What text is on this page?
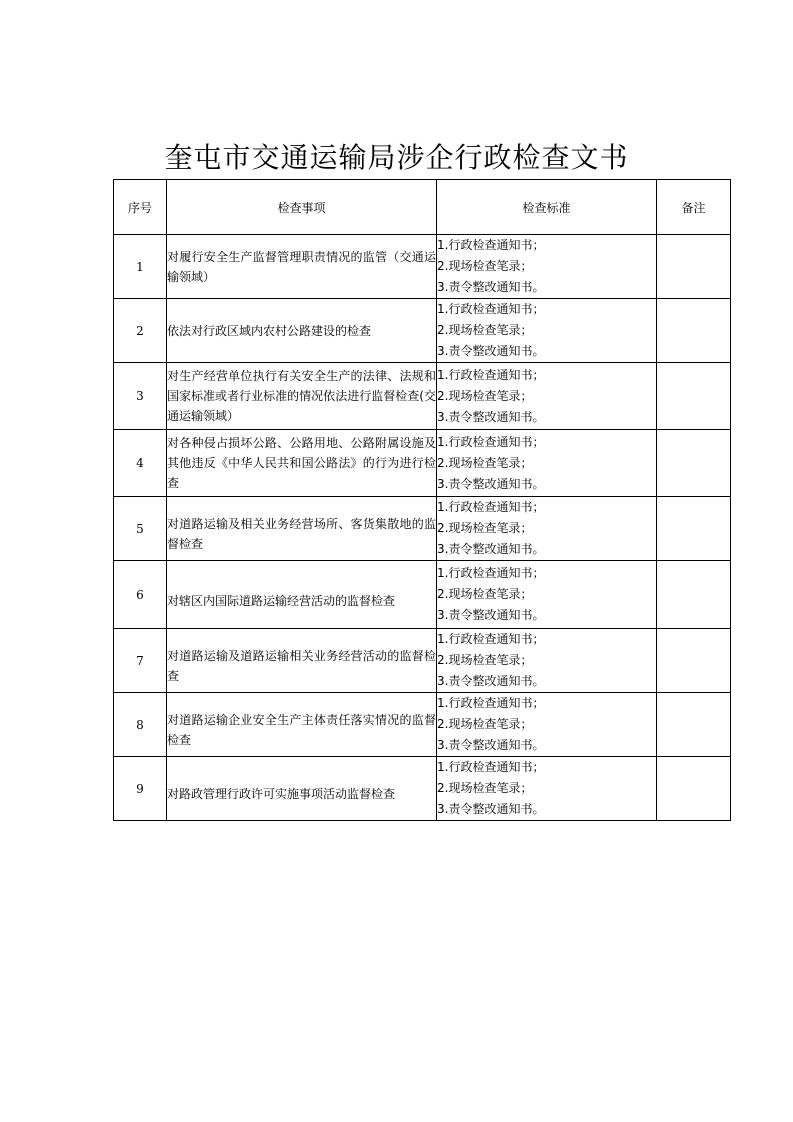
奎屯市交通运输局涉企行政检查文书
序号	检查事项	检查标准	备注
1	对履行安全生产监督管理职责情况的监管（交通运输领域）	1.行政检查通知书；
2.现场检查笔录；
3.责令整改通知书。	

2	依法对行政区域内农村公路建设的检查	1.行政检查通知书；
2.现场检查笔录；
3.责令整改通知书。	

3	对生产经营单位执行有关安全生产的法律、法规和国家标准或者行业标准的情况依法进行监督检查(交通运输领域）	1.行政检查通知书；
2.现场检查笔录；
3.责令整改通知书。	

4	对各种侵占损坏公路、公路用地、公路附属设施及其他违反《中华人民共和国公路法》的行为进行检查	1.行政检查通知书；
2.现场检查笔录；
3.责令整改通知书。	

5	对道路运输及相关业务经营场所、客货集散地的监督检查	1.行政检查通知书；
2.现场检查笔录；
3.责令整改通知书。	

6	对辖区内国际道路运输经营活动的监督检查	1.行政检查通知书；
2.现场检查笔录；
3.责令整改通知书。	

7	对道路运输及道路运输相关业务经营活动的监督检查	1.行政检查通知书；
2.现场检查笔录；
3.责令整改通知书。	

8	对道路运输企业安全生产主体责任落实情况的监督检查	1.行政检查通知书；
2.现场检查笔录；
3.责令整改通知书。	

9	对路政管理行政许可实施事项活动监督检查	1.行政检查通知书；
2.现场检查笔录；
3.责令整改通知书。	
